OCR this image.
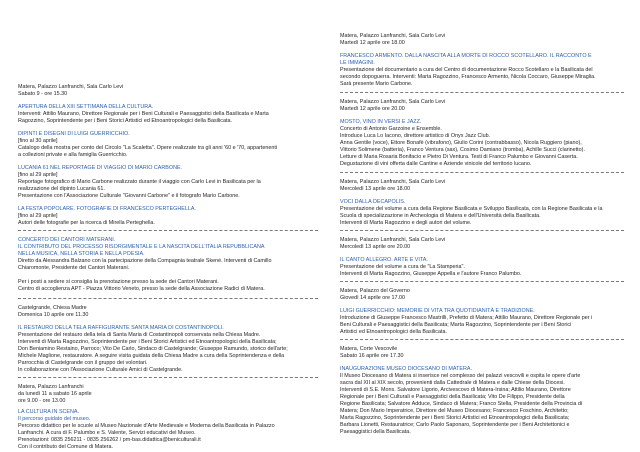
Matera, Palazzo Lanfranchi, Sala Carlo Levi
Sabato 9 - ore 15.30
APERTURA DELLA XIII SETTIMANA DELLA CULTURA.
Interventi: Attilio Maurano, Direttore Regionale per i Beni Culturali e Paesaggistici della Basilicata e Marta
Ragozzino, Soprintendente per i Beni Storici Artistici ed Etnoantropologici della Basilicata.
DIPINTI E DISEGNI DI LUIGI GUERRICCHIO.
[fino al 30 aprile]
Catalogo della mostra per conto del Circolo "La Scaletta". Opere realizzate tra gli anni '60 e '70, appartenenti
a collezioni private e alla famiglia Guerricchio.
LUCANIA 61 NEL REPORTAGE DI VIAGGIO DI MARIO CARBONE.
[fino al 29 aprile]
Reportage fotografico di Mario Carbone realizzato durante il viaggio con Carlo Levi in Basilicata per la
realizzazione del dipinto Lucania 61.
Presentazione con l'Associazione Culturale "Giovanni Carbone" e il fotografo Mario Carbone.
LA FESTA POPOLARE. FOTOGRAFIE DI FRANCESCO PERTEGHELLA.
[fino al 29 aprile]
Autori delle fotografie per la ricerca di Mirella Perteghella.
CONCERTO DEI CANTORI MATERANI.
IL CONTRIBUTO DEL PROCESSO RISORGIMENTALE E LA NASCITA DELL'ITALIA REPUBBLICANA
NELLA MUSICA, NELLA STORIA E NELLA POESIA.
Diretto da Alessandra Balzano con la partecipazione della Compagnia teatrale Skené. Interventi di Camillo
Chiaromonte, Presidente dei Cantori Materani.
Per i posti a sedere si consiglia la prenotazione presso la sede dei Cantori Materani.
Centro di accoglienza APT - Piazza Vittorio Veneto, presso la sede della Associazione Radici di Matera.
Castelgrande, Chiesa Madre
Domenica 10 aprile ore 11.30
IL RESTAURO DELLA TELA RAFFIGURANTE SANTA MARIA DI COSTANTINOPOLI.
Presentazione del restauro della tela di Santa Maria di Costantinopoli conservata nella Chiesa Madre.
Interventi di Marta Ragozzino, Soprintendente per i Beni Storici Artistici ed Etnoantropologici della Basilicata;
Don Beniamino Restaino, Parroco; Vito De Carlo, Sindaco di Castelgrande; Giuseppe Ramundo, storico dell'arte;
Michele Maglione, restauratore. A seguire visita guidata della Chiesa Madre a cura della Soprintendenza e della
Parrocchia di Castelgrande con il gruppo dei volontari.
In collaborazione con l'Associazione Culturale Amici di Castelgrande.
Matera, Palazzo Lanfranchi
da lunedì 11 a sabato 16 aprile
ore 9.00 - ore 13.00
LA CULTURA IN SCENA.
Il percorso guidato del museo.
Percorso didattico per le scuole al Museo Nazionale d'Arte Medievale e Moderna della Basilicata in Palazzo
Lanfranchi. A cura di F. Palumbo e S. Valente, Servizi educativi del Museo.
Prenotazioni: 0835 256211 - 0835 256262 / pm-bas.didattica@beniculturali.it
Con il contributo del Comune di Matera.
Matera, Palazzo Lanfranchi, Sala Carlo Levi
Martedì 12 aprile ore 18.00
FRANCESCO ARMENTO. DALLA NASCITA ALLA MORTE DI ROCCO SCOTELLARO. IL RACCONTO E
LE IMMAGINI.
Presentazione del documentario a cura del Centro di documentazione Rocco Scotellaro e la Basilicata del
secondo dopoguerra. Interventi: Marta Ragozzino, Francesco Armento, Nicola Coccaro, Giuseppe Miraglia.
Sarà presente Mario Carbone.
Matera, Palazzo Lanfranchi, Sala Carlo Levi
Martedì 12 aprile ore 20.00
MOSTO, VINO IN VERSI E JAZZ.
Concerto di Antonio Garzoine e Ensemble.
Introduce Luca Lo Iacono, direttore artistico di Onyx Jazz Club.
Anna Gentile (voce), Ettore Bonafè (vibrafono), Giulio Corini (contrabbasso), Nicola Ruggiero (piano),
Vittorio Solimene (batteria), Franco Ventura (sax), Cosimo Damiano (tromba), Achille Succi (clarinetto).
Letture di Maria Rosaria Bonifacio e Pietro Di Ventura. Testi di Franco Palumbo e Giovanni Caserta.
Degustazione di vini offerta dalle Cantine e Aziende vinicole del territorio lucano.
Matera, Palazzo Lanfranchi, Sala Carlo Levi
Mercoledì 13 aprile ore 18.00
VOCI DALLA DECAPOLIS.
Presentazione del volume a cura della Regione Basilicata e Sviluppo Basilicata, con la Regione Basilicata e la
Scuola di specializzazione in Archeologia di Matera e dell'Università della Basilicata.
Interventi di Marta Ragozzino e degli autori del volume.
Matera, Palazzo Lanfranchi, Sala Carlo Levi
Mercoledì 13 aprile ore 20.00
IL CANTO ALLEGRO. ARTE E VITA.
Presentazione del volume a cura de "La Stamperia".
Interventi di Marta Ragozzino, Giuseppe Appella e l'autore Franco Palumbo.
Matera, Palazzo del Governo
Giovedì 14 aprile ore 17.00
LUIGI GUERRICCHIO: MEMORIE DI VITA TRA QUOTIDIANITÀ E TRADIZIONE.
Introduzione di Giuseppe Francesco Mastrilli, Prefetto di Matera; Attilio Maurano, Direttore Regionale per i
Beni Culturali e Paesaggistici della Basilicata; Marta Ragozzino, Soprintendente per i Beni Storici
Artistici ed Etnoantropologici della Basilicata.
Matera, Corte Vescovile
Sabato 16 aprile ore 17.30
INAUGURAZIONE MUSEO DIOCESANO DI MATERA.
Il Museo Diocesano di Matera si inserisce nel complesso dei palazzi vescovili e ospita le opere d'arte
sacra dal XII al XIX secolo, provenienti dalla Cattedrale di Matera e dalle Chiese della Diocesi.
Interventi di S.E. Mons. Salvatore Ligorio, Arcivescovo di Matera-Irsina; Attilio Maurano, Direttore
Regionale per i Beni Culturali e Paesaggistici della Basilicata; Vito De Filippo, Presidente della
Regione Basilicata; Salvatore Adduce, Sindaco di Matera; Franco Stella, Presidente della Provincia di
Matera; Don Mario Imperatrice, Direttore del Museo Diocesano; Francesco Foschino, Architetto;
Marta Ragozzino, Soprintendente per i Beni Storici Artistici ed Etnoantropologici della Basilicata;
Barbara Lionetti, Restauratrice; Carlo Paolo Saponaro, Soprintendente per i Beni Architettonici e
Paesaggistici della Basilicata.
